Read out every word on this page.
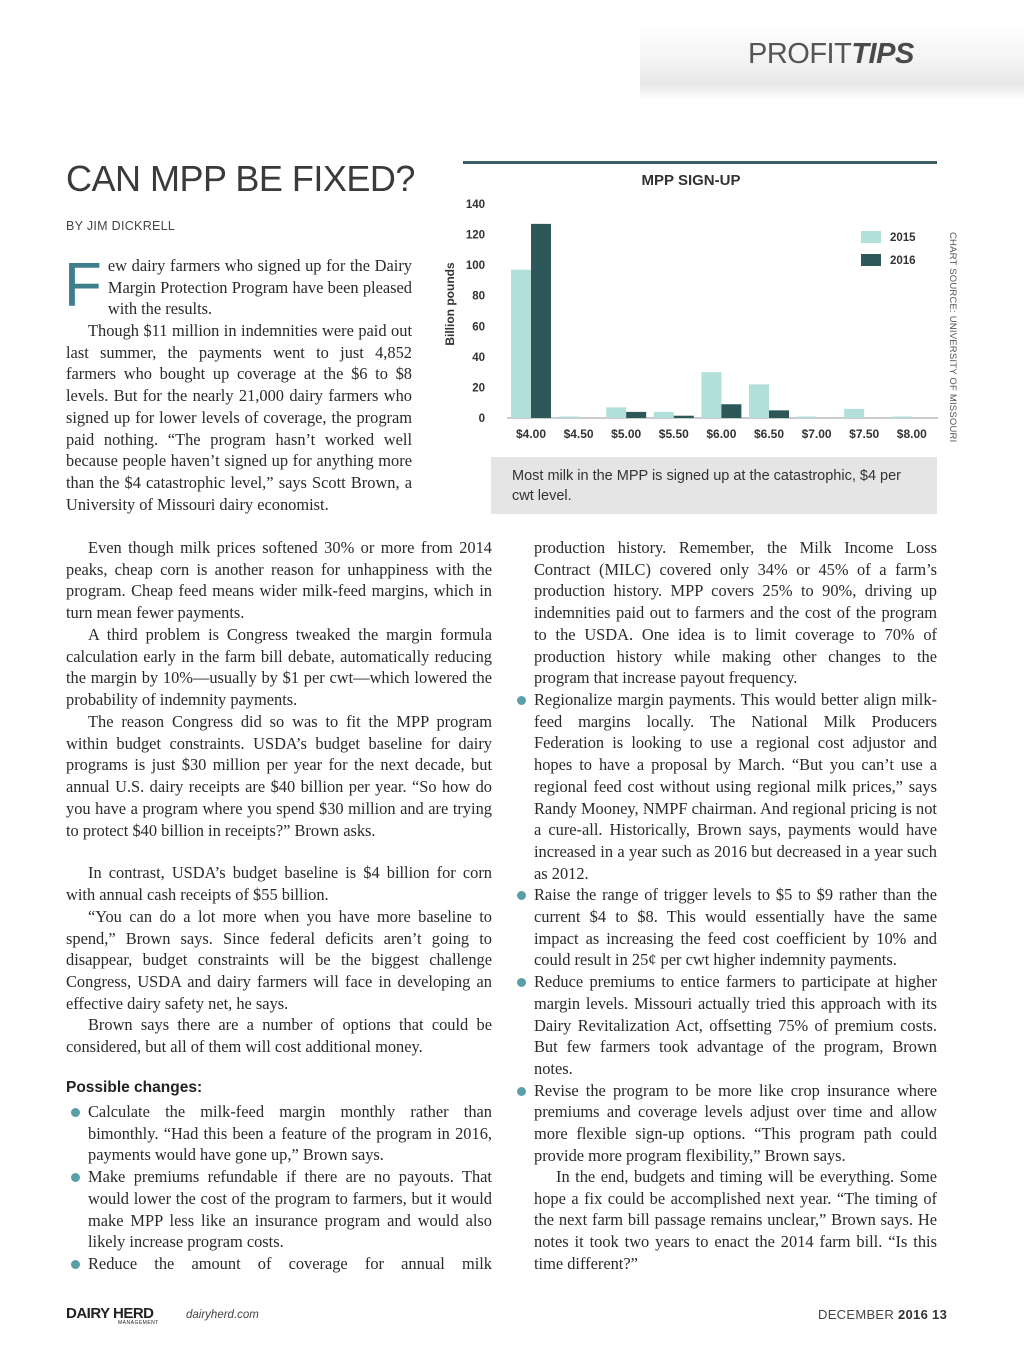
PROFITTIPS
CAN MPP BE FIXED?
BY JIM DICKRELL
Few dairy farmers who signed up for the Dairy Margin Protection Program have been pleased with the results.
Though $11 million in indemnities were paid out last summer, the payments went to just 4,852 farmers who bought up coverage at the $6 to $8 levels. But for the nearly 21,000 dairy farmers who signed up for lower levels of coverage, the program paid nothing. “The program hasn’t worked well because people haven’t signed up for anything more than the $4 catastrophic level,” says Scott Brown, a University of Missouri dairy economist.
Even though milk prices softened 30% or more from 2014 peaks, cheap corn is another reason for unhappiness with the program. Cheap feed means wider milk-feed margins, which in turn mean fewer payments.
A third problem is Congress tweaked the margin formula calculation early in the farm bill debate, automatically reducing the margin by 10%—usually by $1 per cwt—which lowered the probability of indemnity payments.
The reason Congress did so was to fit the MPP program within budget constraints. USDA’s budget baseline for dairy programs is just $30 million per year for the next decade, but annual U.S. dairy receipts are $40 billion per year. “So how do you have a program where you spend $30 million and are trying to protect $40 billion in receipts?” Brown asks.
In contrast, USDA’s budget baseline is $4 billion for corn with annual cash receipts of $55 billion.
“You can do a lot more when you have more baseline to spend,” Brown says. Since federal deficits aren’t going to disappear, budget constraints will be the biggest challenge Congress, USDA and dairy farmers will face in developing an effective dairy safety net, he says.
Brown says there are a number of options that could be considered, but all of them will cost additional money.
Possible changes:
Calculate the milk-feed margin monthly rather than bimonthly. “Had this been a feature of the program in 2016, payments would have gone up,” Brown says.
Make premiums refundable if there are no payouts. That would lower the cost of the program to farmers, but it would make MPP less like an insurance program and would also likely increase program costs.
Reduce the amount of coverage for annual milk
MPP SIGN-UP
Billion pounds
0
20
40
60
80
100
120
140
$4.00 $4.50 $5.00 $5.50 $6.00 $6.50 $7.00 $7.50 $8.00
2015
2016	CHART SOURCE: UNIVERSITY OF MISSOURI
Most milk in the MPP is signed up at the catastrophic, $4 per cwt level.
production history. Remember, the Milk Income Loss Contract (MILC) covered only 34% or 45% of a farm’s production history. MPP covers 25% to 90%, driving up indemnities paid out to farmers and the cost of the program to the USDA. One idea is to limit coverage to 70% of production history while making other changes to the program that increase payout frequency.
Regionalize margin payments. This would better align milk-feed margins locally. The National Milk Producers Federation is looking to use a regional cost adjustor and hopes to have a proposal by March. “But you can’t use a regional feed cost without using regional milk prices,” says Randy Mooney, NMPF chairman. And regional pricing is not a cure-all. Historically, Brown says, payments would have increased in a year such as 2016 but decreased in a year such as 2012.
Raise the range of trigger levels to $5 to $9 rather than the current $4 to $8. This would essentially have the same impact as increasing the feed cost coefficient by 10% and could result in 25¢ per cwt higher indemnity payments.
Reduce premiums to entice farmers to participate at higher margin levels. Missouri actually tried this approach with its Dairy Revitalization Act, offsetting 75% of premium costs. But few farmers took advantage of the program, Brown notes.
Revise the program to be more like crop insurance where premiums and coverage levels adjust over time and allow more flexible sign-up options. “This program path could provide more program flexibility,” Brown says.
In the end, budgets and timing will be everything. Some hope a fix could be accomplished next year. “The timing of the next farm bill passage remains unclear,” Brown says. He notes it took two years to enact the 2014 farm bill. “Is this time different?”
DAIRY HERD
MANAGEMENT
dairyherd.com	DECEMBER 2016 13
